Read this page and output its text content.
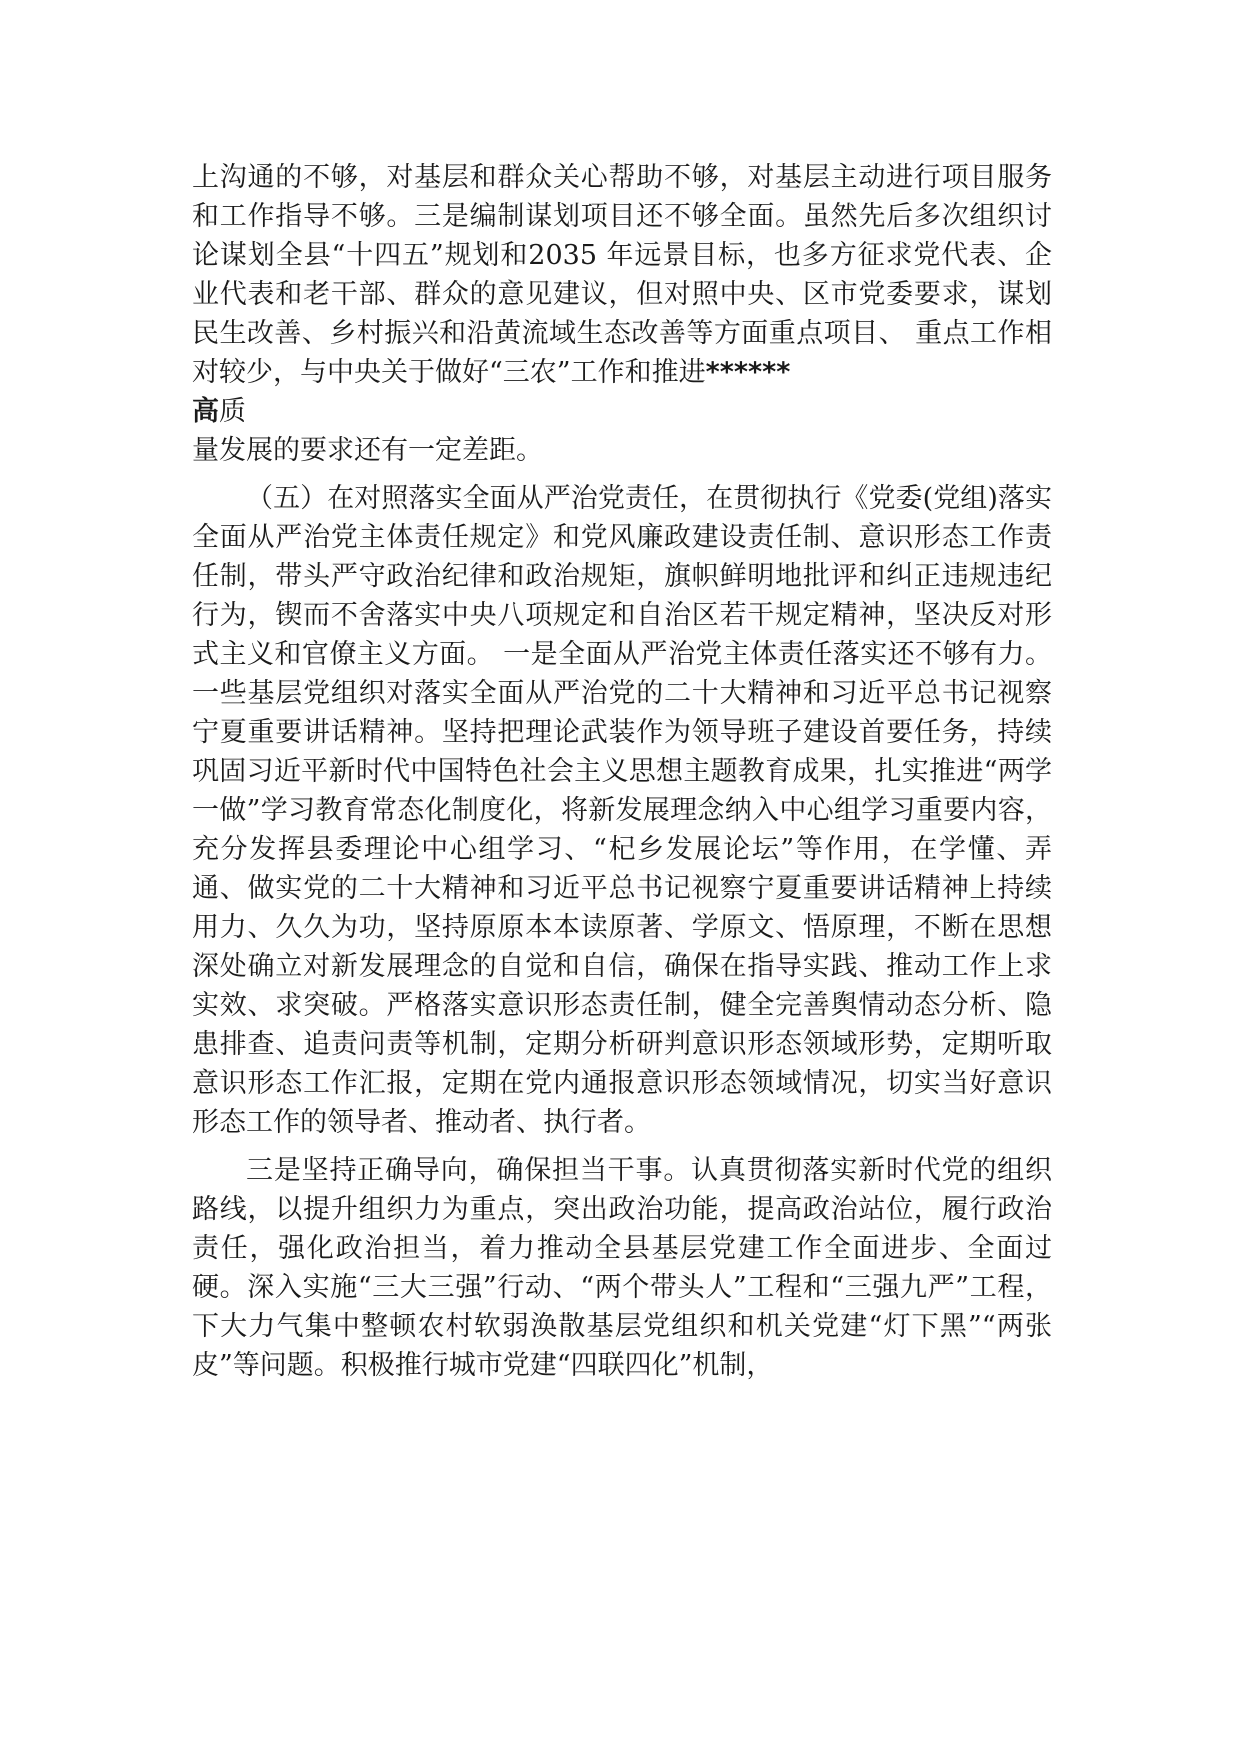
上沟通的不够，对基层和群众关心帮助不够，对基层主动进行项目服务和工作指导不够。三是编制谋划项目还不够全面。虽然先后多次组织讨论谋划全县“十四五”规划和2035 年远景目标，也多方征求党代表、企业代表和老干部、群众的意见建议，但对照中央、区市党委要求，谋划民生改善、乡村振兴和沿黄流域生态改善等方面重点项目、 重点工作相对较少，与中央关于做好“三农”工作和推进******
高质
量发展的要求还有一定差距。

（五）在对照落实全面从严治党责任，在贯彻执行《党委(党组)落实全面从严治党主体责任规定》和党风廉政建设责任制、意识形态工作责任制，带头严守政治纪律和政治规矩，旗帜鲜明地批评和纠正违规违纪行为，锲而不舍落实中央八项规定和自治区若干规定精神，坚决反对形式主义和官僚主义方面。 一是全面从严治党主体责任落实还不够有力。 一些基层党组织对落实全面从严治党的二十大精神和习近平总书记视察宁夏重要讲话精神。坚持把理论武装作为领导班子建设首要任务，持续巩固习近平新时代中国特色社会主义思想主题教育成果，扎实推进“两学一做”学习教育常态化制度化，将新发展理念纳入中心组学习重要内容，充分发挥县委理论中心组学习、“杞乡发展论坛”等作用，在学懂、弄通、做实党的二十大精神和习近平总书记视察宁夏重要讲话精神上持续用力、久久为功，坚持原原本本读原著、学原文、悟原理，不断在思想深处确立对新发展理念的自觉和自信，确保在指导实践、推动工作上求实效、求突破。严格落实意识形态责任制，健全完善舆情动态分析、隐患排查、追责问责等机制，定期分析研判意识形态领域形势，定期听取意识形态工作汇报，定期在党内通报意识形态领域情况，切实当好意识形态工作的领导者、推动者、执行者。

三是坚持正确导向，确保担当干事。认真贯彻落实新时代党的组织路线，以提升组织力为重点，突出政治功能，提高政治站位，履行政治责任，强化政治担当，着力推动全县基层党建工作全面进步、全面过硬。深入实施“三大三强”行动、“两个带头人”工程和“三强九严”工程，下大力气集中整顿农村软弱涣散基层党组织和机关党建“灯下黑”“两张皮”等问题。积极推行城市党建“四联四化”机制，
